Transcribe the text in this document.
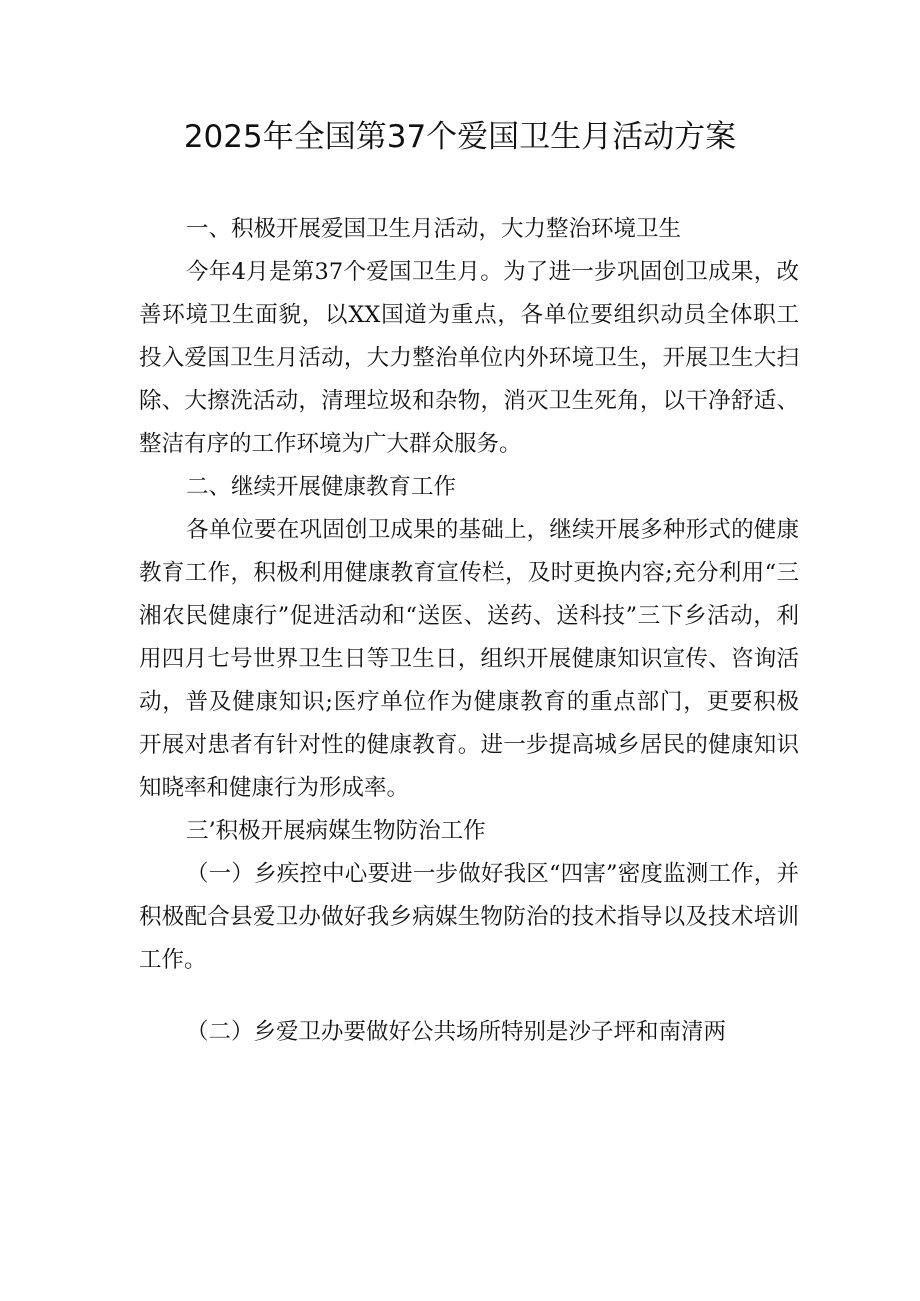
2025年全国第37个爱国卫生月活动方案

一、积极开展爱国卫生月活动，大力整治环境卫生

今年4月是第37个爱国卫生月。为了进一步巩固创卫成果，改善环境卫生面貌，以XX国道为重点，各单位要组织动员全体职工投入爱国卫生月活动，大力整治单位内外环境卫生，开展卫生大扫除、大擦洗活动，清理垃圾和杂物，消灭卫生死角，以干净舒适、整洁有序的工作环境为广大群众服务。

二、继续开展健康教育工作

各单位要在巩固创卫成果的基础上，继续开展多种形式的健康教育工作，积极利用健康教育宣传栏，及时更换内容;充分利用“三湘农民健康行”促进活动和“送医、送药、送科技”三下乡活动，利用四月七号世界卫生日等卫生日，组织开展健康知识宣传、咨询活动，普及健康知识;医疗单位作为健康教育的重点部门，更要积极开展对患者有针对性的健康教育。进一步提高城乡居民的健康知识知晓率和健康行为形成率。

三’积极开展病媒生物防治工作

（一）乡疾控中心要进一步做好我区“四害”密度监测工作，并积极配合县爱卫办做好我乡病媒生物防治的技术指导以及技术培训工作。

（二）乡爱卫办要做好公共场所特别是沙子坪和南清两
